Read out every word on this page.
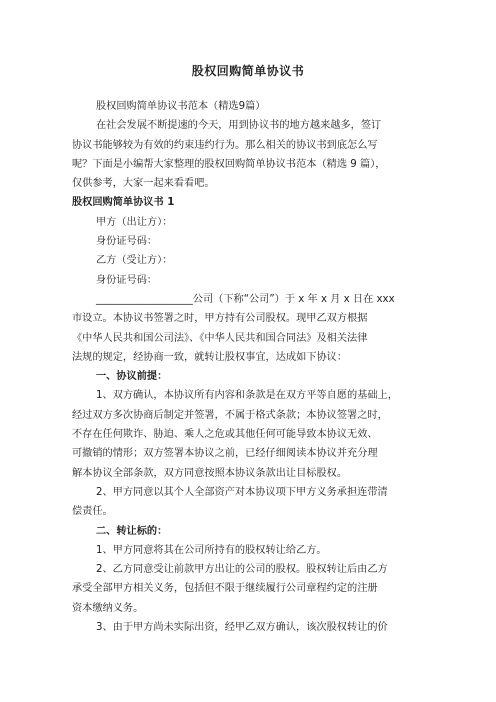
股权回购简单协议书
股权回购简单协议书范本（精选9篇）
在社会发展不断提速的今天，用到协议书的地方越来越多，签订
协议书能够较为有效的约束违约行为。那么相关的协议书到底怎么写
呢？下面是小编帮大家整理的股权回购简单协议书范本（精选 9 篇），
仅供参考，大家一起来看看吧。
股权回购简单协议书 1
甲方（出让方）：
身份证号码：
乙方（受让方）：
身份证号码：
___________________公司（下称“公司”）于 x 年 x 月 x 日在 xxx
市设立。本协议书签署之时，甲方持有公司股权。现甲乙双方根据
《中华人民共和国公司法》、《中华人民共和国合同法》及相关法律
法规的规定，经协商一致，就转让股权事宜，达成如下协议：
一、协议前提：
1、双方确认，本协议所有内容和条款是在双方平等自愿的基础上，
经过双方多次协商后制定并签署，不属于格式条款；本协议签署之时，
不存在任何欺诈、胁迫、乘人之危或其他任何可能导致本协议无效、
可撤销的情形；双方签署本协议之前，已经仔细阅读本协议并充分理
解本协议全部条款，双方同意按照本协议条款出让目标股权。
2、甲方同意以其个人全部资产对本协议项下甲方义务承担连带清
偿责任。
二、转让标的：
1、甲方同意将其在公司所持有的股权转让给乙方。
2、乙方同意受让前款甲方出让的公司的股权。股权转让后由乙方
承受全部甲方相关义务，包括但不限于继续履行公司章程约定的注册
资本缴纳义务。
3、由于甲方尚未实际出资，经甲乙双方确认，该次股权转让的价
